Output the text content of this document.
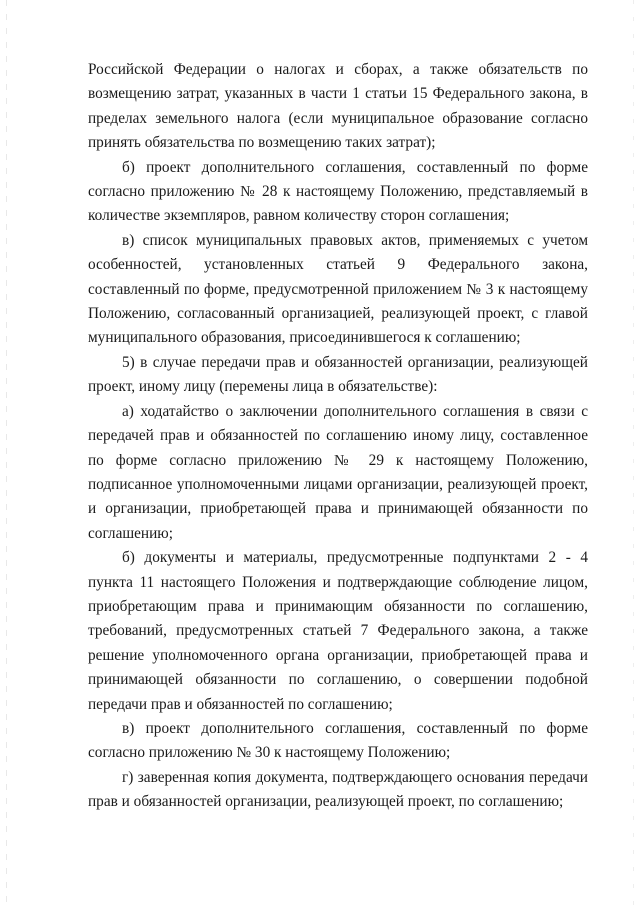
Российской Федерации о налогах и сборах, а также обязательств по возмещению затрат, указанных в части 1 статьи 15 Федерального закона, в пределах земельного налога (если муниципальное образование согласно принять обязательства по возмещению таких затрат);

б) проект дополнительного соглашения, составленный по форме согласно приложению № 28 к настоящему Положению, представляемый в количестве экземпляров, равном количеству сторон соглашения;

в) список муниципальных правовых актов, применяемых с учетом особенностей, установленных статьей 9 Федерального закона, составленный по форме, предусмотренной приложением № 3 к настоящему Положению, согласованный организацией, реализующей проект, с главой муниципального образования, присоединившегося к соглашению;

5) в случае передачи прав и обязанностей организации, реализующей проект, иному лицу (перемены лица в обязательстве):

а) ходатайство о заключении дополнительного соглашения в связи с передачей прав и обязанностей по соглашению иному лицу, составленное по форме согласно приложению № 29 к настоящему Положению, подписанное уполномоченными лицами организации, реализующей проект, и организации, приобретающей права и принимающей обязанности по соглашению;

б) документы и материалы, предусмотренные подпунктами 2 - 4 пункта 11 настоящего Положения и подтверждающие соблюдение лицом, приобретающим права и принимающим обязанности по соглашению, требований, предусмотренных статьей 7 Федерального закона, а также решение уполномоченного органа организации, приобретающей права и принимающей обязанности по соглашению, о совершении подобной передачи прав и обязанностей по соглашению;

в) проект дополнительного соглашения, составленный по форме согласно приложению № 30 к настоящему Положению;

г) заверенная копия документа, подтверждающего основания передачи прав и обязанностей организации, реализующей проект, по соглашению;
